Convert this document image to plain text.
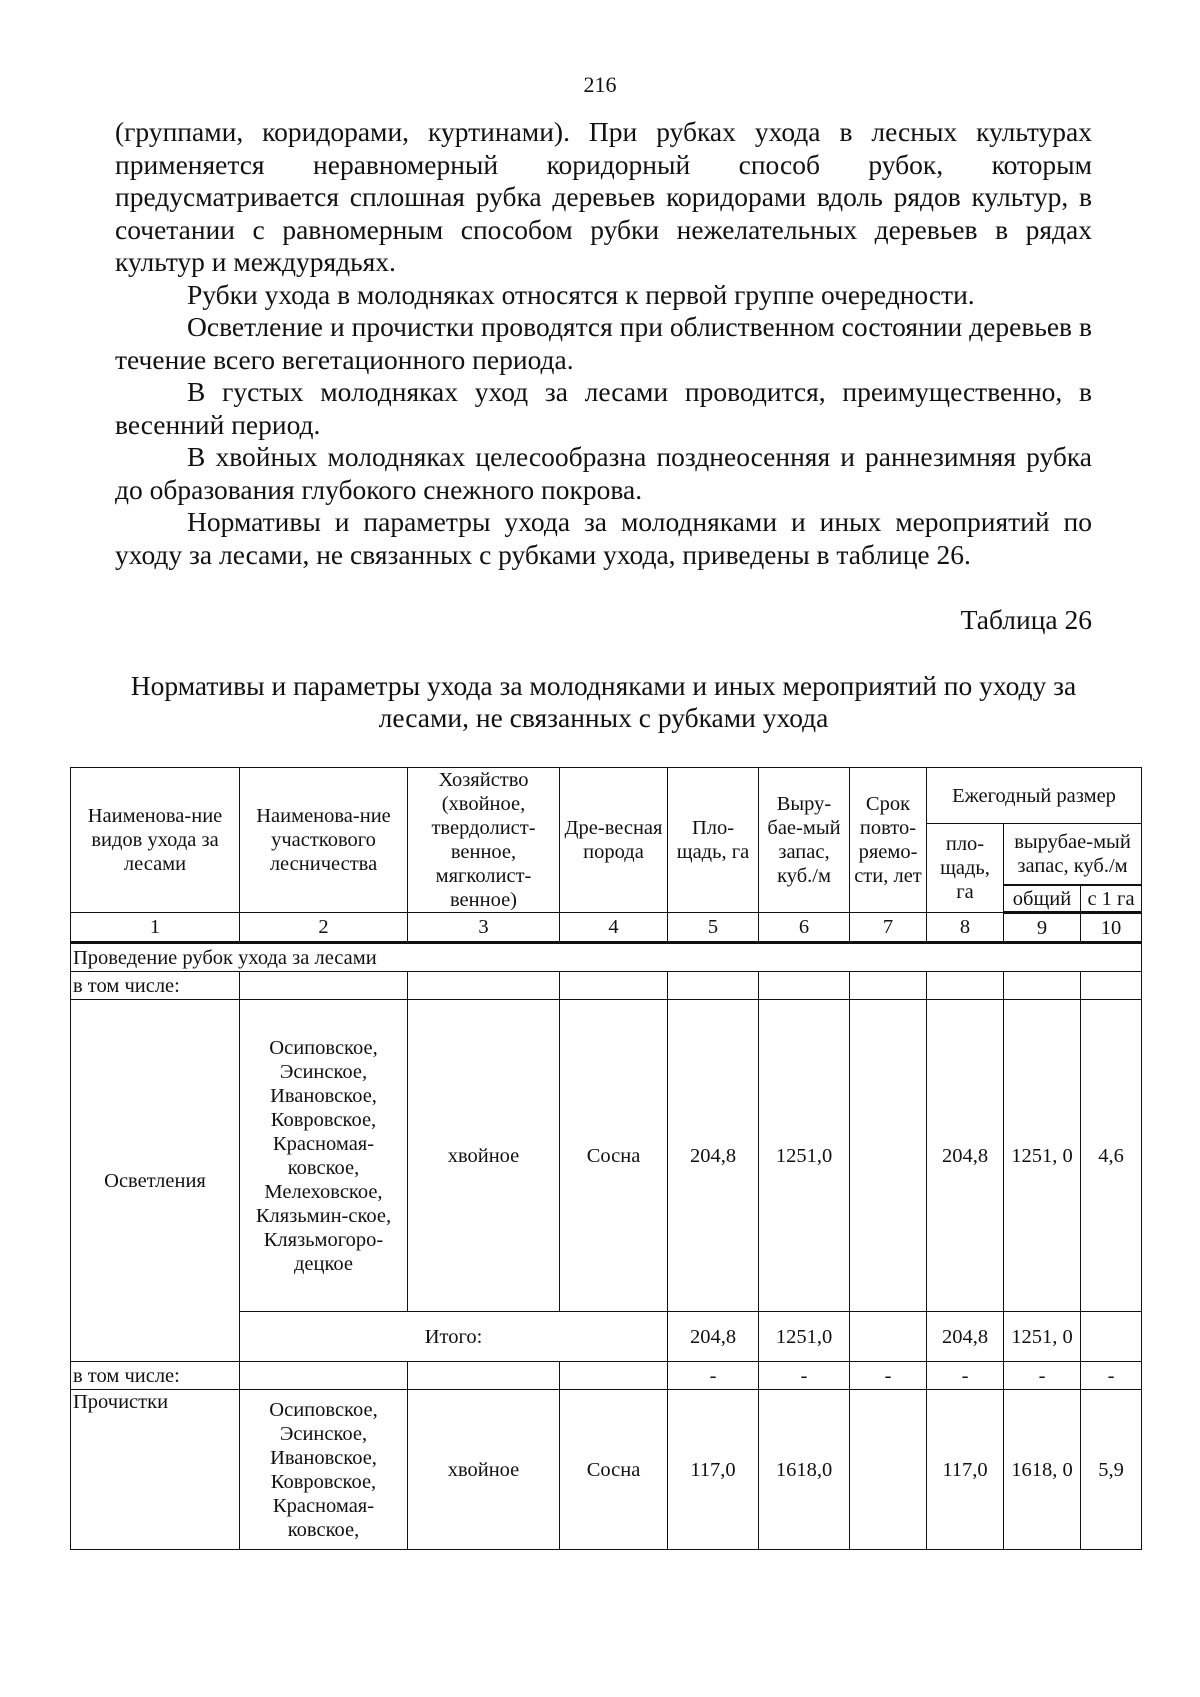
216

(группами, коридорами, куртинами). При рубках ухода в лесных культурах применяется неравномерный коридорный способ рубок, которым предусматривается сплошная рубка деревьев коридорами вдоль рядов культур, в сочетании с равномерным способом рубки нежелательных деревьев в рядах культур и междурядьях.

Рубки ухода в молодняках относятся к первой группе очередности.

Осветление и прочистки проводятся при облиственном состоянии деревьев в течение всего вегетационного периода.

В густых молодняках уход за лесами проводится, преимущественно, в весенний период.

В хвойных молодняках целесообразна позднеосенняя и раннезимняя рубка до образования глубокого снежного покрова.

Нормативы и параметры ухода за молодняками и иных мероприятий по уходу за лесами, не связанных с рубками ухода, приведены в таблице 26.

Таблица 26
Нормативы и параметры ухода за молодняками и иных мероприятий по уходу за лесами, не связанных с рубками ухода
Наименова-ние видов ухода за лесами	Наименова-ние участкового лесничества	Хозяйство (хвойное, твердолист-венное, мягколист-венное)	Дре-весная порода	Пло-щадь, га	Выру-бае-мый запас, куб./м	Срок повто-ряемо-сти, лет	Ежегодный размер		
							пло-щадь, га	вырубае-мый запас, куб./м	

								общий	с 1 га
1	2	3	4	5	6	7	8	9	10
Проведение рубок ухода за лесами									
в том числе:									
Осветления	Осиповское, Эсинское, Ивановское, Ковровское, Красномая-ковское, Мелеховское, Клязьмин-ское, Клязьмогоро-децкое	хвойное	Сосна	204,8	1251,0		204,8	1251, 0	4,6
	Итого:			204,8	1251,0		204,8	1251, 0	
в том числе:				-	-	-	-	-	-
Прочистки	Осиповское, Эсинское, Ивановское, Ковровское, Красномая-ковское,	хвойное	Сосна	117,0	1618,0		117,0	1618, 0	5,9
